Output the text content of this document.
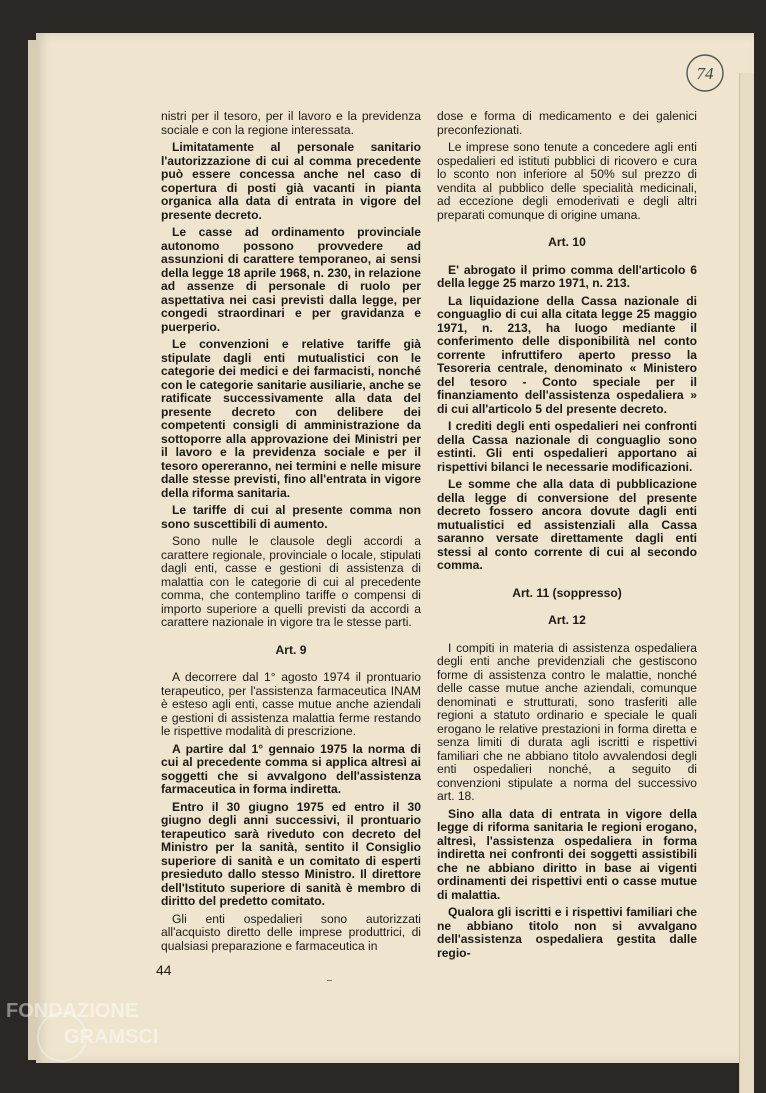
74

nistri per il tesoro, per il lavoro e la previdenza sociale e con la regione interessata.

Limitatamente al personale sanitario l'autorizzazione di cui al comma precedente può essere concessa anche nel caso di copertura di posti già vacanti in pianta organica alla data di entrata in vigore del presente decreto.

Le casse ad ordinamento provinciale autonomo possono provvedere ad assunzioni di carattere temporaneo, ai sensi della legge 18 aprile 1968, n. 230, in relazione ad assenze di personale di ruolo per aspettativa nei casi previsti dalla legge, per congedi straordinari e per gravidanza e puerperio.

Le convenzioni e relative tariffe già stipulate dagli enti mutualistici con le categorie dei medici e dei farmacisti, nonché con le categorie sanitarie ausiliarie, anche se ratificate successivamente alla data del presente decreto con delibere dei competenti consigli di amministrazione da sottoporre alla approvazione dei Ministri per il lavoro e la previdenza sociale e per il tesoro opereranno, nei termini e nelle misure dalle stesse previsti, fino all'entrata in vigore della riforma sanitaria.

Le tariffe di cui al presente comma non sono suscettibili di aumento.

Sono nulle le clausole degli accordi a carattere regionale, provinciale o locale, stipulati dagli enti, casse e gestioni di assistenza di malattia con le categorie di cui al precedente comma, che contemplino tariffe o compensi di importo superiore a quelli previsti da accordi a carattere nazionale in vigore tra le stesse parti.

Art. 9

A decorrere dal 1° agosto 1974 il prontuario terapeutico, per l'assistenza farmaceutica INAM è esteso agli enti, casse mutue anche aziendali e gestioni di assistenza malattia ferme restando le rispettive modalità di prescrizione.

A partire dal 1° gennaio 1975 la norma di cui al precedente comma si applica altresì ai soggetti che si avvalgono dell'assistenza farmaceutica in forma indiretta.

Entro il 30 giugno 1975 ed entro il 30 giugno degli anni successivi, il prontuario terapeutico sarà riveduto con decreto del Ministro per la sanità, sentito il Consiglio superiore di sanità e un comitato di esperti presieduto dallo stesso Ministro. Il direttore dell'Istituto superiore di sanità è membro di diritto del predetto comitato.

Gli enti ospedalieri sono autorizzati all'acquisto diretto delle imprese produttrici, di qualsiasi preparazione e farmaceutica in

dose e forma di medicamento e dei galenici preconfezionati.

Le imprese sono tenute a concedere agli enti ospedalieri ed istituti pubblici di ricovero e cura lo sconto non inferiore al 50% sul prezzo di vendita al pubblico delle specialità medicinali, ad eccezione degli emoderivati e degli altri preparati comunque di origine umana.

Art. 10

E' abrogato il primo comma dell'articolo 6 della legge 25 marzo 1971, n. 213.

La liquidazione della Cassa nazionale di conguaglio di cui alla citata legge 25 maggio 1971, n. 213, ha luogo mediante il conferimento delle disponibilità nel conto corrente infruttifero aperto presso la Tesoreria centrale, denominato « Ministero del tesoro - Conto speciale per il finanziamento dell'assistenza ospedaliera » di cui all'articolo 5 del presente decreto.

I crediti degli enti ospedalieri nei confronti della Cassa nazionale di conguaglio sono estinti. Gli enti ospedalieri apportano ai rispettivi bilanci le necessarie modificazioni.

Le somme che alla data di pubblicazione della legge di conversione del presente decreto fossero ancora dovute dagli enti mutualistici ed assistenziali alla Cassa saranno versate direttamente dagli enti stessi al conto corrente di cui al secondo comma.

Art. 11 (soppresso)
Art. 12

I compiti in materia di assistenza ospedaliera degli enti anche previdenziali che gestiscono forme di assistenza contro le malattie, nonché delle casse mutue anche aziendali, comunque denominati e strutturati, sono trasferiti alle regioni a statuto ordinario e speciale le quali erogano le relative prestazioni in forma diretta e senza limiti di durata agli iscritti e rispettivi familiari che ne abbiano titolo avvalendosi degli enti ospedalieri nonché, a seguito di convenzioni stipulate a norma del successivo art. 18.

Sino alla data di entrata in vigore della legge di riforma sanitaria le regioni erogano, altresì, l'assistenza ospedaliera in forma indiretta nei confronti dei soggetti assistibili che ne abbiano diritto in base ai vigenti ordinamenti dei rispettivi enti o casse mutue di malattia.

Qualora gli iscritti e i rispettivi familiari che ne abbiano titolo non si avvalgano dell'assistenza ospedaliera gestita dalle regio-

44
FONDAZIONE
GRAMSCI
